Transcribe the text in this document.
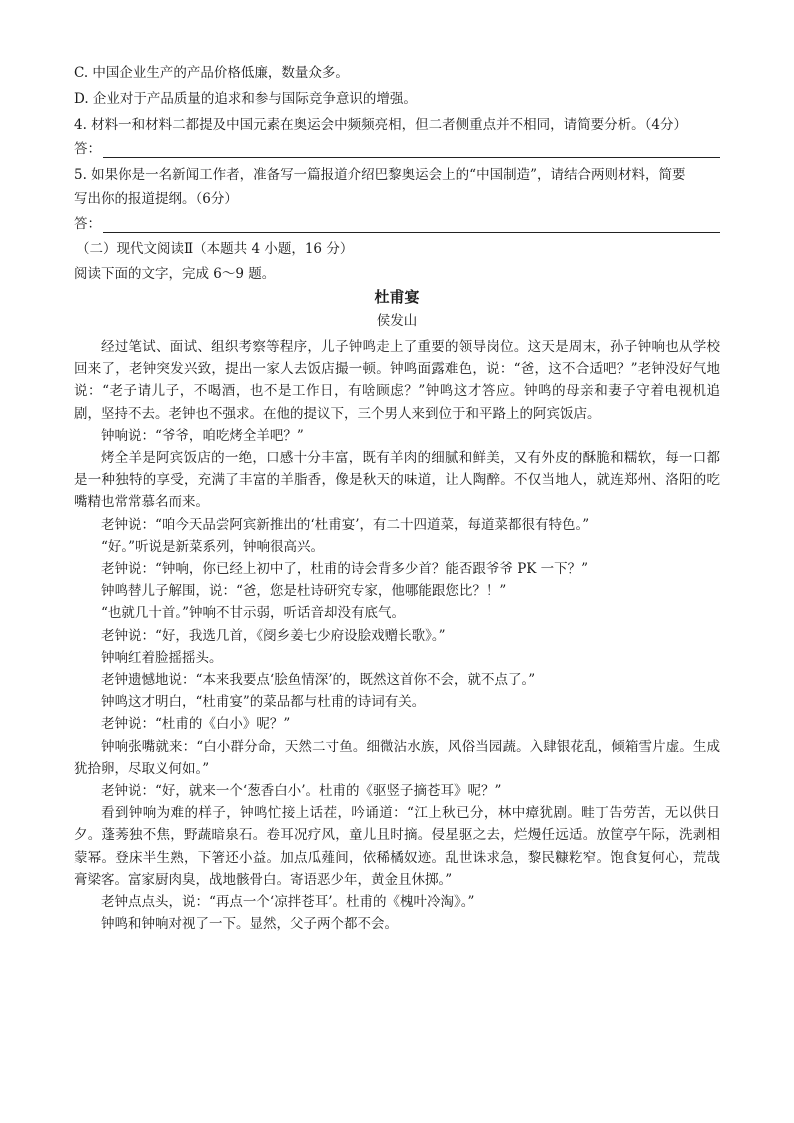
C. 中国企业生产的产品价格低廉，数量众多。
D. 企业对于产品质量的追求和参与国际竞争意识的增强。
4. 材料一和材料二都提及中国元素在奥运会中频频亮相，但二者侧重点并不相同，请简要分析。（4分）
答：
5. 如果你是一名新闻工作者，准备写一篇报道介绍巴黎奥运会上的“中国制造”，请结合两则材料，简要
写出你的报道提纲。（6分）
答：
（二）现代文阅读Ⅱ（本题共 4 小题，16 分）
阅读下面的文字，完成 6～9 题。
杜甫宴
侯发山

经过笔试、面试、组织考察等程序，儿子钟鸣走上了重要的领导岗位。这天是周末，孙子钟响也从学校回来了，老钟突发兴致，提出一家人去饭店撮一顿。钟鸣面露难色，说：“爸，这不合适吧？”老钟没好气地说：“老子请儿子，不喝酒，也不是工作日，有啥顾虑？”钟鸣这才答应。钟鸣的母亲和妻子守着电视机追剧，坚持不去。老钟也不强求。在他的提议下，三个男人来到位于和平路上的阿宾饭店。

钟响说：“爷爷，咱吃烤全羊吧？”

烤全羊是阿宾饭店的一绝，口感十分丰富，既有羊肉的细腻和鲜美，又有外皮的酥脆和糯软，每一口都是一种独特的享受，充满了丰富的羊脂香，像是秋天的味道，让人陶醉。不仅当地人，就连郑州、洛阳的吃嘴精也常常慕名而来。

老钟说：“咱今天品尝阿宾新推出的‘杜甫宴’，有二十四道菜，每道菜都很有特色。”

“好。”听说是新菜系列，钟响很高兴。

老钟说：“钟响，你已经上初中了，杜甫的诗会背多少首？能否跟爷爷 PK 一下？”

钟鸣替儿子解围，说：“爸，您是杜诗研究专家，他哪能跟您比？！”

“也就几十首。”钟响不甘示弱，听话音却没有底气。

老钟说：“好，我选几首，《阌乡姜七少府设脍戏赠长歌》。”

钟响红着脸摇摇头。

老钟遗憾地说：“本来我要点‘脍鱼情深’的，既然这首你不会，就不点了。”

钟鸣这才明白，“杜甫宴”的菜品都与杜甫的诗词有关。

老钟说：“杜甫的《白小》呢？”

钟响张嘴就来：“白小群分命，天然二寸鱼。细微沾水族，风俗当园蔬。入肆银花乱，倾箱雪片虚。生成犹拾卵，尽取义何如。”

老钟说：“好，就来一个‘葱香白小’。杜甫的《驱竖子摘苍耳》呢？”

看到钟响为难的样子，钟鸣忙接上话茬，吟诵道：“江上秋已分，林中瘴犹剧。畦丁告劳苦，无以供日夕。蓬莠独不焦，野蔬暗泉石。卷耳况疗风，童儿且时摘。侵星驱之去，烂熳任远适。放筐亭午际，洗剥相蒙幂。登床半生熟，下箸还小益。加点瓜薤间，依稀橘奴迹。乱世诛求急，黎民糠籺窄。饱食复何心，荒哉膏梁客。富家厨肉臭，战地骸骨白。寄语恶少年，黄金且休掷。”

老钟点点头，说：“再点一个‘凉拌苍耳’。杜甫的《槐叶冷淘》。”

钟鸣和钟响对视了一下。显然，父子两个都不会。
